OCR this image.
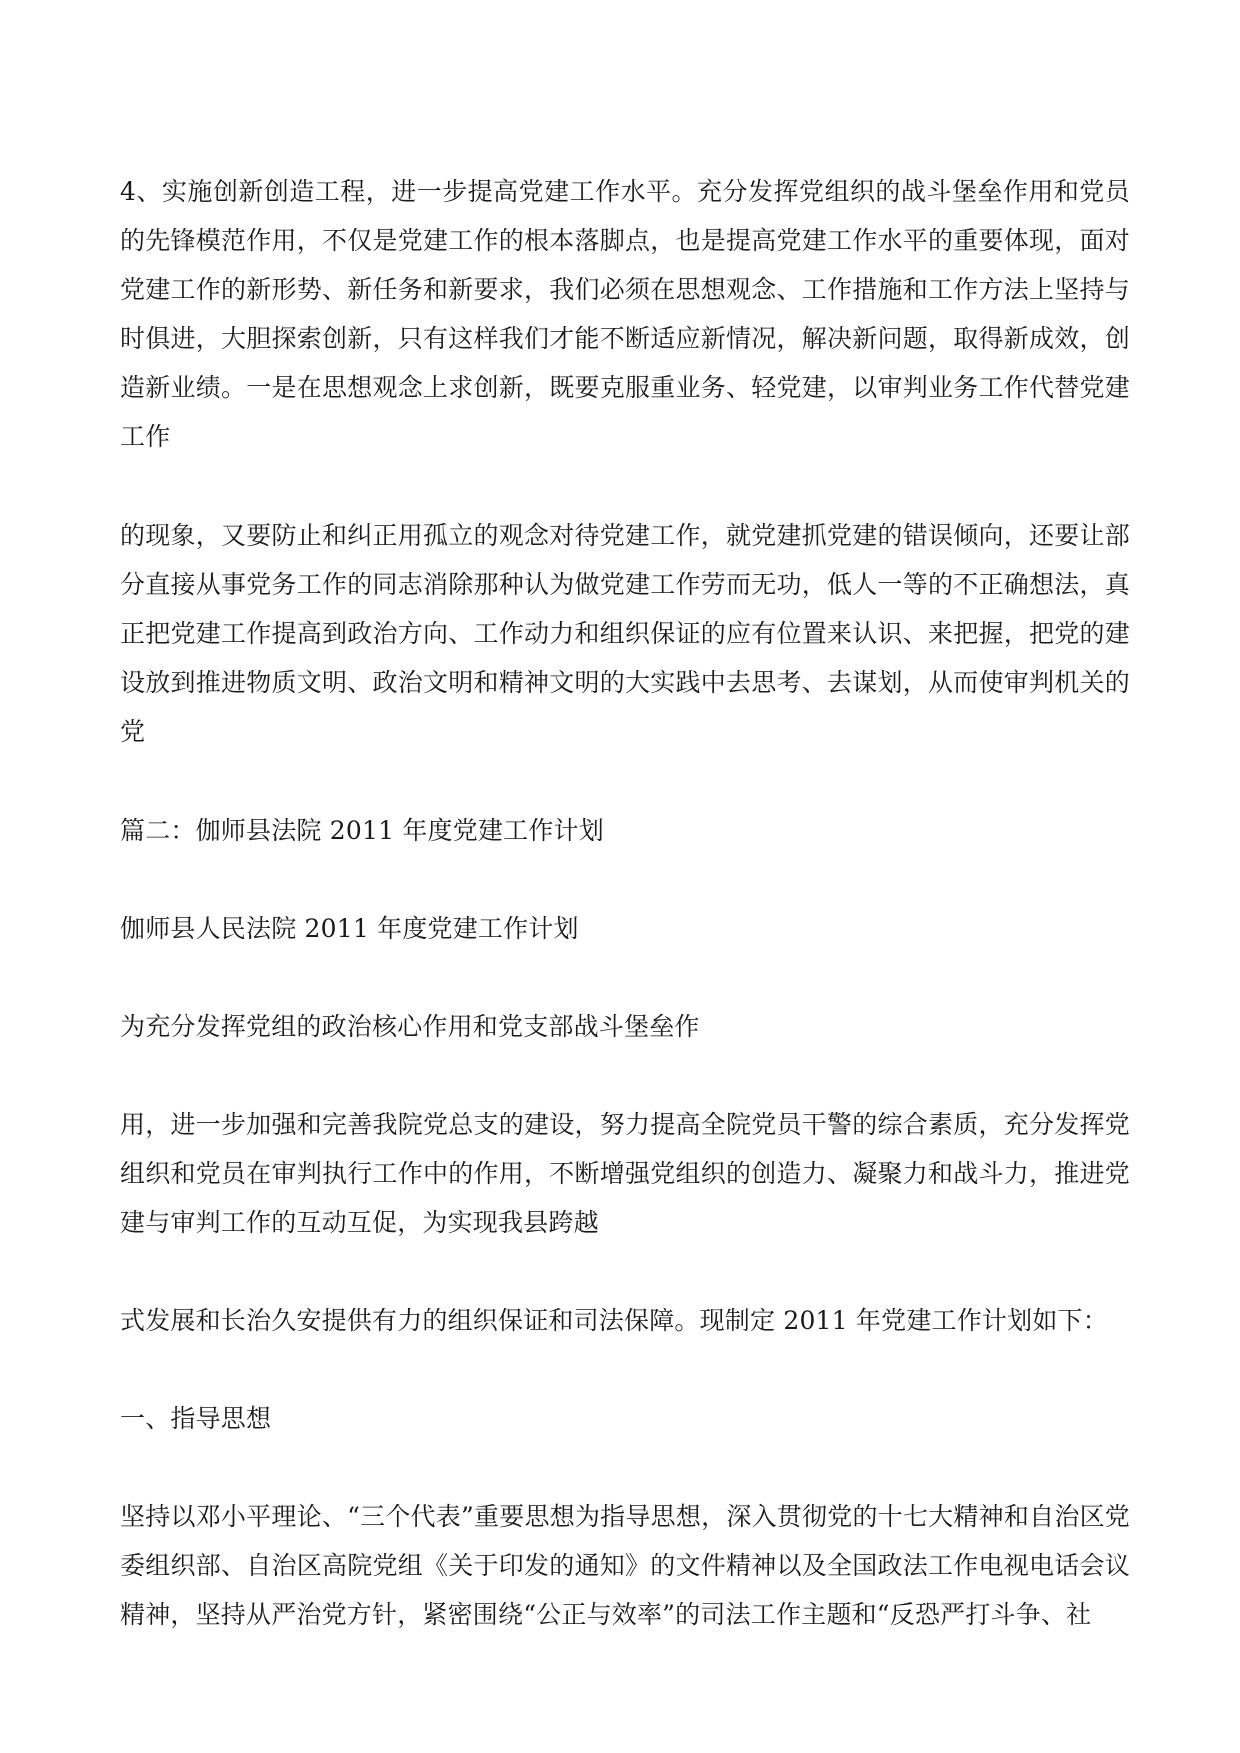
4、实施创新创造工程，进一步提高党建工作水平。充分发挥党组织的战斗堡垒作用和党员的先锋模范作用，不仅是党建工作的根本落脚点，也是提高党建工作水平的重要体现，面对党建工作的新形势、新任务和新要求，我们必须在思想观念、工作措施和工作方法上坚持与时俱进，大胆探索创新，只有这样我们才能不断适应新情况，解决新问题，取得新成效，创造新业绩。一是在思想观念上求创新，既要克服重业务、轻党建，以审判业务工作代替党建工作

的现象，又要防止和纠正用孤立的观念对待党建工作，就党建抓党建的错误倾向，还要让部分直接从事党务工作的同志消除那种认为做党建工作劳而无功，低人一等的不正确想法，真正把党建工作提高到政治方向、工作动力和组织保证的应有位置来认识、来把握，把党的建设放到推进物质文明、政治文明和精神文明的大实践中去思考、去谋划，从而使审判机关的党

篇二：伽师县法院 2011 年度党建工作计划

伽师县人民法院 2011 年度党建工作计划

为充分发挥党组的政治核心作用和党支部战斗堡垒作

用，进一步加强和完善我院党总支的建设，努力提高全院党员干警的综合素质，充分发挥党组织和党员在审判执行工作中的作用，不断增强党组织的创造力、凝聚力和战斗力，推进党建与审判工作的互动互促，为实现我县跨越

式发展和长治久安提供有力的组织保证和司法保障。现制定 2011 年党建工作计划如下：

一、指导思想

坚持以邓小平理论、“三个代表”重要思想为指导思想，深入贯彻党的十七大精神和自治区党委组织部、自治区高院党组《关于印发的通知》的文件精神以及全国政法工作电视电话会议精神，坚持从严治党方针，紧密围绕“公正与效率”的司法工作主题和“反恐严打斗争、社
